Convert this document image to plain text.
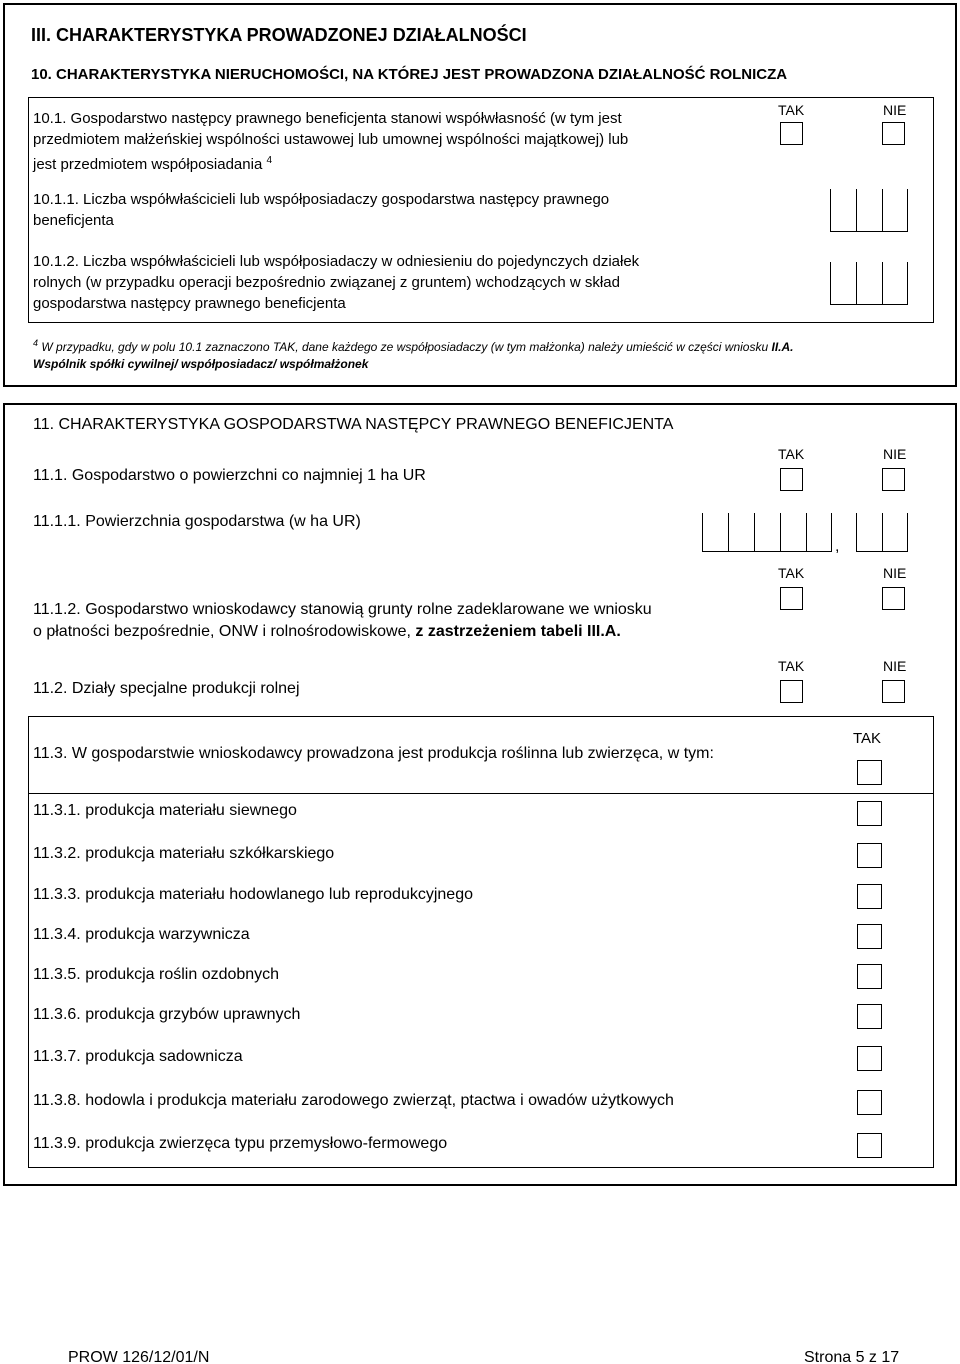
III. CHARAKTERYSTYKA PROWADZONEJ DZIAŁALNOŚCI
10. CHARAKTERYSTYKA NIERUCHOMOŚCI, NA KTÓREJ JEST PROWADZONA DZIAŁALNOŚĆ ROLNICZA
10.1. Gospodarstwo następcy prawnego beneficjenta stanowi współwłasność (w tym jest
przedmiotem małżeńskiej wspólności ustawowej lub umownej wspólności majątkowej) lub
jest przedmiotem współposiadania $^4$
TAK	NIE
10.1.1. Liczba współwłaścicieli lub współposiadaczy gospodarstwa następcy prawnego
beneficjenta
10.1.2. Liczba współwłaścicieli lub współposiadaczy w odniesieniu do pojedynczych działek
rolnych (w przypadku operacji bezpośrednio związanej z gruntem) wchodzących w skład
gospodarstwa następcy prawnego beneficjenta
$^4$ W przypadku, gdy w polu 10.1 zaznaczono TAK, dane każdego ze współposiadaczy (w tym małżonka) należy umieścić w części wniosku II.A.
Wspólnik spółki cywilnej/ współposiadacz/ współmałżonek
11. CHARAKTERYSTYKA GOSPODARSTWA NASTĘPCY PRAWNEGO BENEFICJENTA
TAK	NIE
11.1. Gospodarstwo o powierzchni co najmniej 1 ha UR
11.1.1. Powierzchnia gospodarstwa (w ha UR)
,
TAK	NIE
11.1.2. Gospodarstwo wnioskodawcy stanowią grunty rolne zadeklarowane we wniosku
o płatności bezpośrednie, ONW i rolnośrodowiskowe, z zastrzeżeniem tabeli III.A.
TAK	NIE
11.2. Działy specjalne produkcji rolnej
11.3. W gospodarstwie wnioskodawcy prowadzona jest produkcja roślinna lub zwierzęca, w tym:
TAK
11.3.1. produkcja materiału siewnego
11.3.2. produkcja materiału szkółkarskiego
11.3.3. produkcja materiału hodowlanego lub reprodukcyjnego
11.3.4. produkcja warzywnicza
11.3.5. produkcja roślin ozdobnych
11.3.6. produkcja grzybów uprawnych
11.3.7. produkcja sadownicza
11.3.8. hodowla i produkcja materiału zarodowego zwierząt, ptactwa i owadów użytkowych
11.3.9. produkcja zwierzęca typu przemysłowo-fermowego
PROW 126/12/01/N	Strona 5 z 17
